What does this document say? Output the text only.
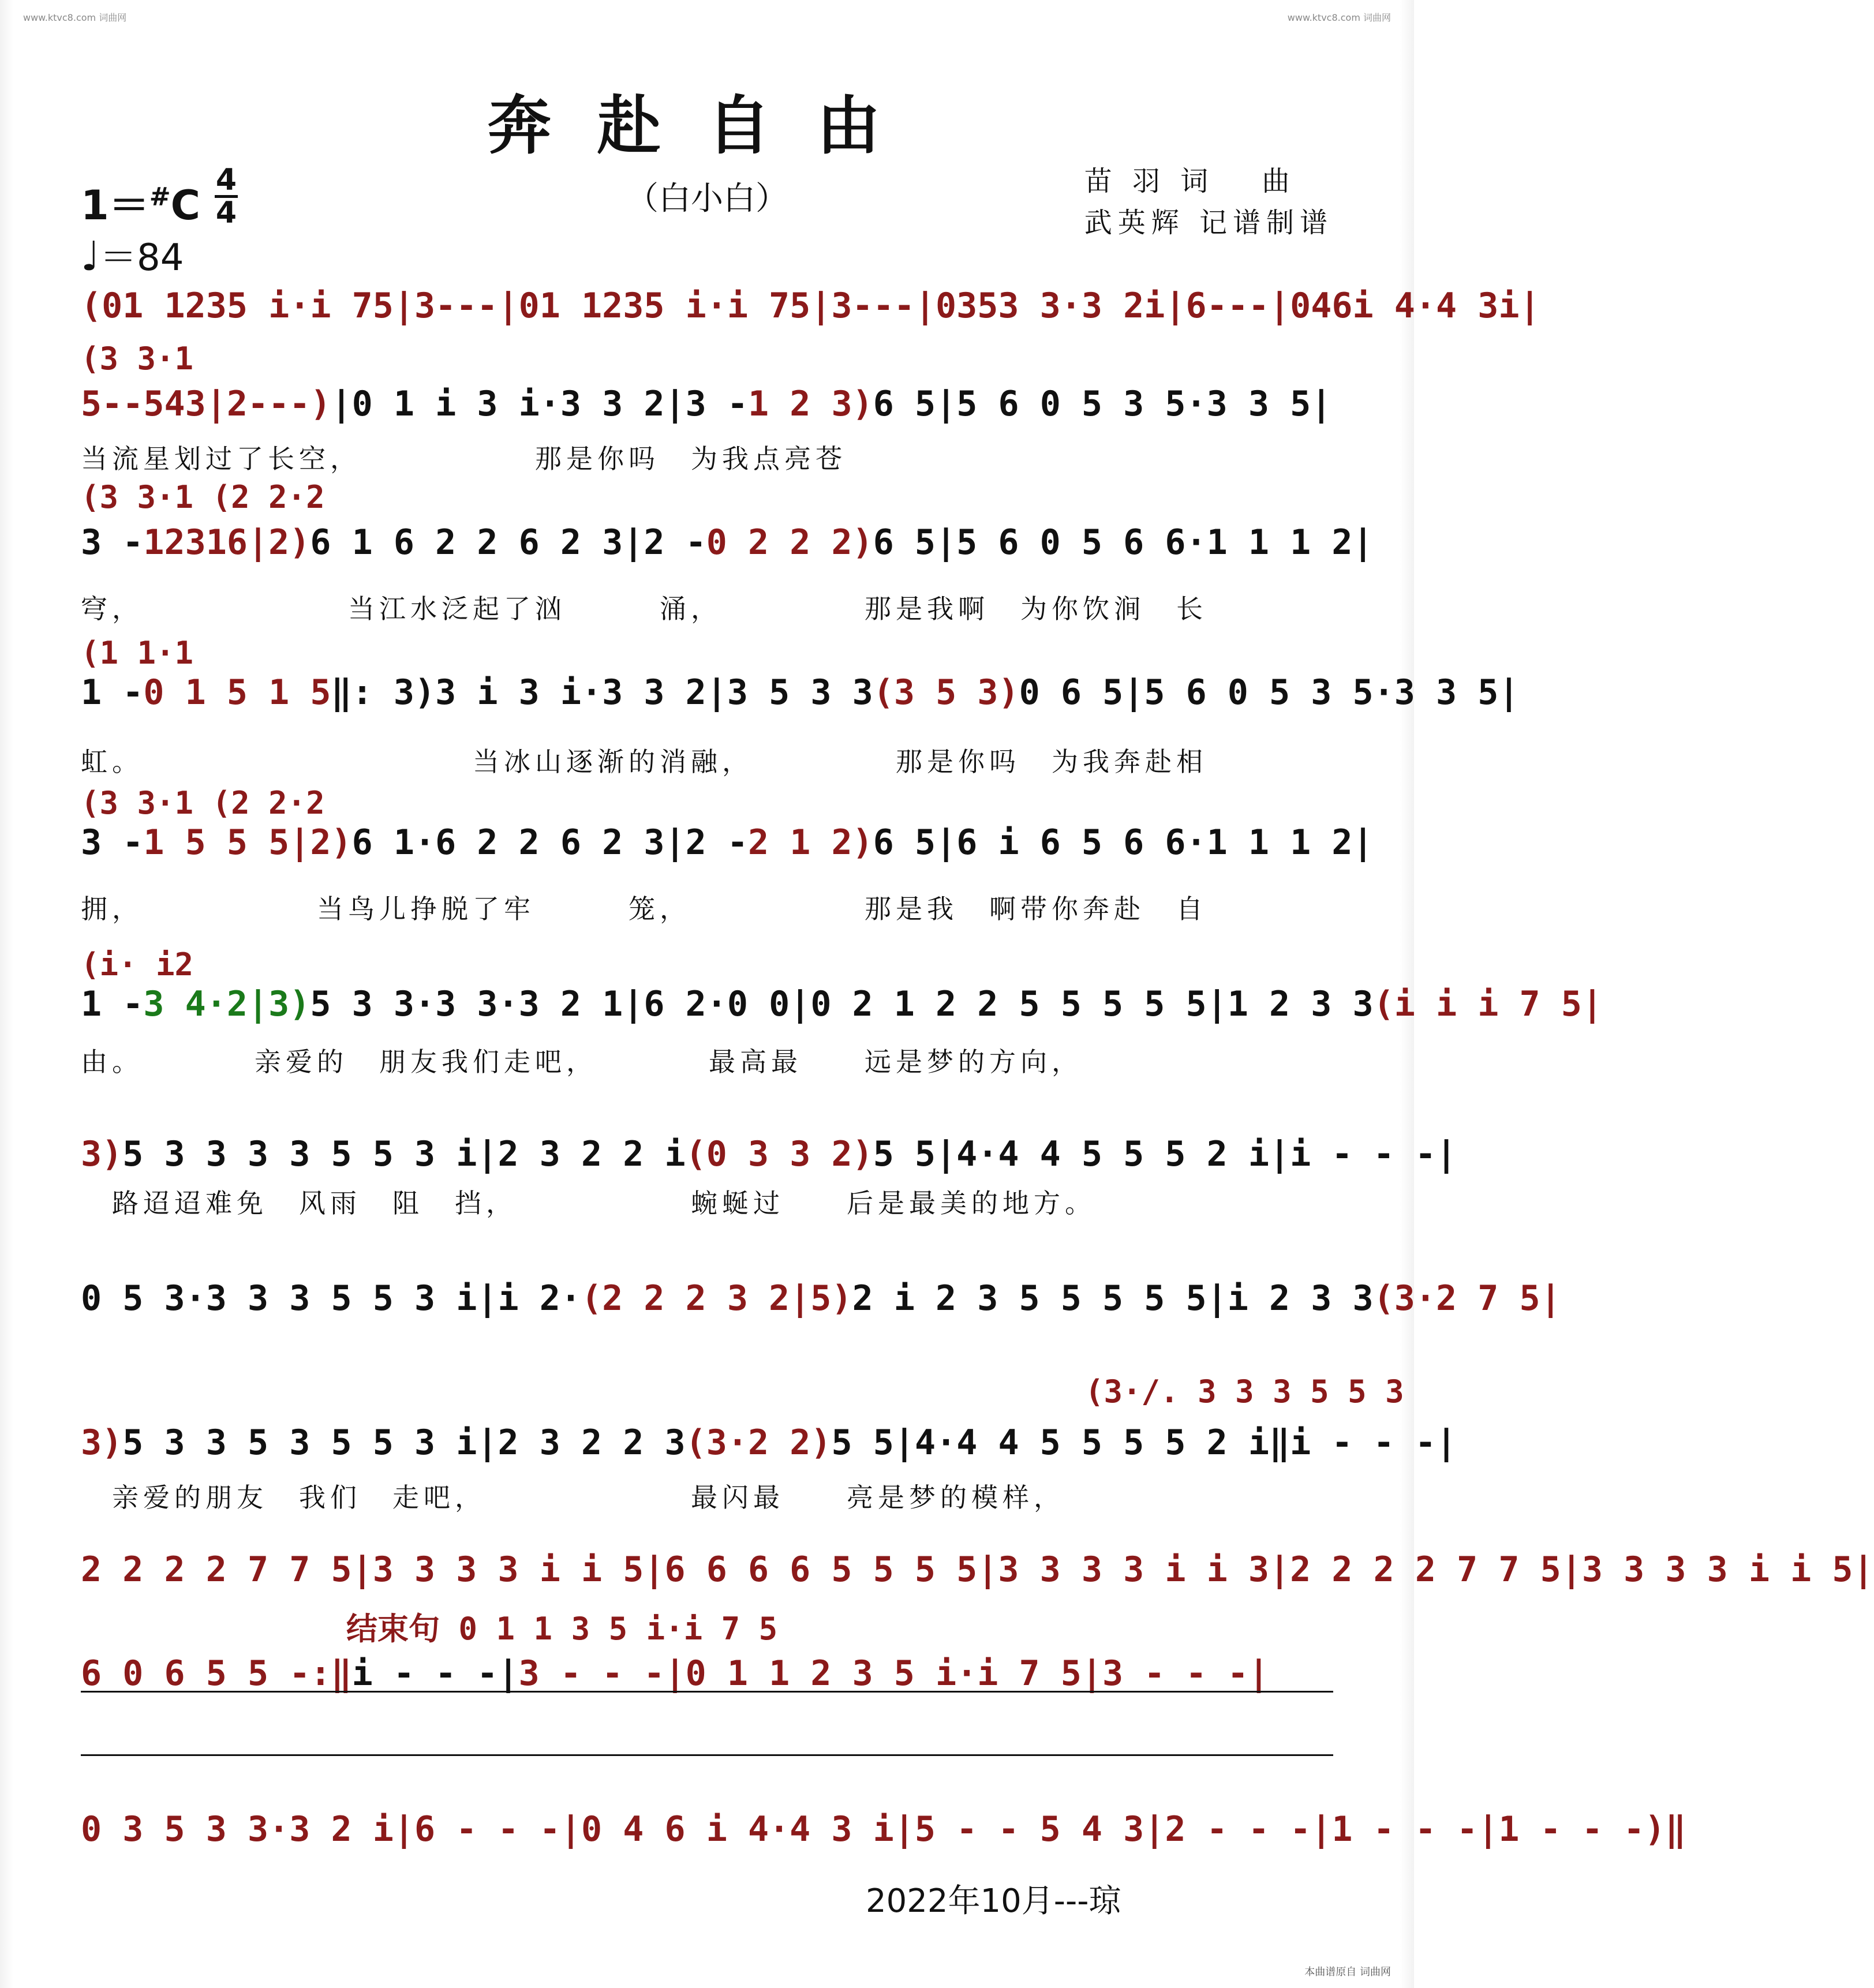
www.ktvc8.com 词曲网	www.ktvc8.com 词曲网
奔赴自由
（白小白）
1＝#C
4
4
♩＝84
苗 羽 词　 曲
武英辉 记谱制谱
(01 1235 i·i 75|3---|01 1235 i·i 75|3---|0353 3·3 2i|6---|046i 4·4 3i|
5--543|2---)|0 1 i 3 i·3 3 2|3 -1 2 3)6 5|5 6 0 5 3 5·3 3 5|
(3 3·1
3 -12316|2)6 1 6 2 2 6 2 3|2 -0 2 2 2)6 5|5 6 0 5 6 6·1 1 1 2|
(3 3·1 (2 2·2
1 -0 1 5 1 5‖: 3)3 i 3 i·3 3 2|3 5 3 3(3 5 3)0 6 5|5 6 0 5 3 5·3 3 5|
(1 1·1
3 -1 5 5 5|2)6 1·6 2 2 6 2 3|2 -2 1 2)6 5|6 i 6 5 6 6·1 1 1 2|
(3 3·1 (2 2·2
1 -3 4·2|3)5 3 3·3 3·3 2 1|6 2·0 0|0 2 1 2 2 5 5 5 5 5|1 2 3 3(i i i 7 5|
(i· i2
3)5 3 3 3 3 5 5 3 i|2 3 2 2 i(0 3 3 2)5 5|4·4 4 5 5 5 2 i|i - - -|
0 5 3·3 3 3 5 5 3 i|i 2·(2 2 2 3 2|5)2 i 2 3 5 5 5 5 5|i 2 3 3(3·2 7 5|
3)5 3 3 5 3 5 5 3 i|2 3 2 2 3(3·2 2)5 5|4·4 4 5 5 5 5 2 i‖i - - -|
(3·/. 3 3 3 5 5 3
2 2 2 2 7 7 5|3 3 3 3 i i 5|6 6 6 6 5 5 5 5|3 3 3 3 i i 3|2 2 2 2 7 7 5|3 3 3 3 i i 5|
6 0 6 5 5 -:‖i - - -|3 - - -|0 1 1 2 3 5 i·i 7 5|3 - - -|
结束句 0 1 1 3 5 i·i 7 5
0 3 5 3 3·3 2 i|6 - - -|0 4 6 i 4·4 3 i|5 - - 5 4 3|2 - - -|1 - - -|1 - - -)‖
当流星划过了长空，　　　　　　那是你吗　为我点亮苍
穹，　　　　　　　当江水泛起了汹　　　涌，　　　　　那是我啊　为你饮涧　长
虹。　　　　　　　　　　　当冰山逐渐的消融，　　　　　那是你吗　为我奔赴相
拥，　　　　　　当鸟儿挣脱了牢　　　笼，　　　　　　那是我　啊带你奔赴　自
由。　　　　亲爱的　朋友我们走吧，　　　　最高最　　远是梦的方向，
　路迢迢难免　风雨　阻　挡，　　　　　　蜿蜒过　　后是最美的地方。
　亲爱的朋友　我们　走吧，　　　　　　　最闪最　　亮是梦的模样，
2022年10月---琼
本曲谱原自 词曲网
